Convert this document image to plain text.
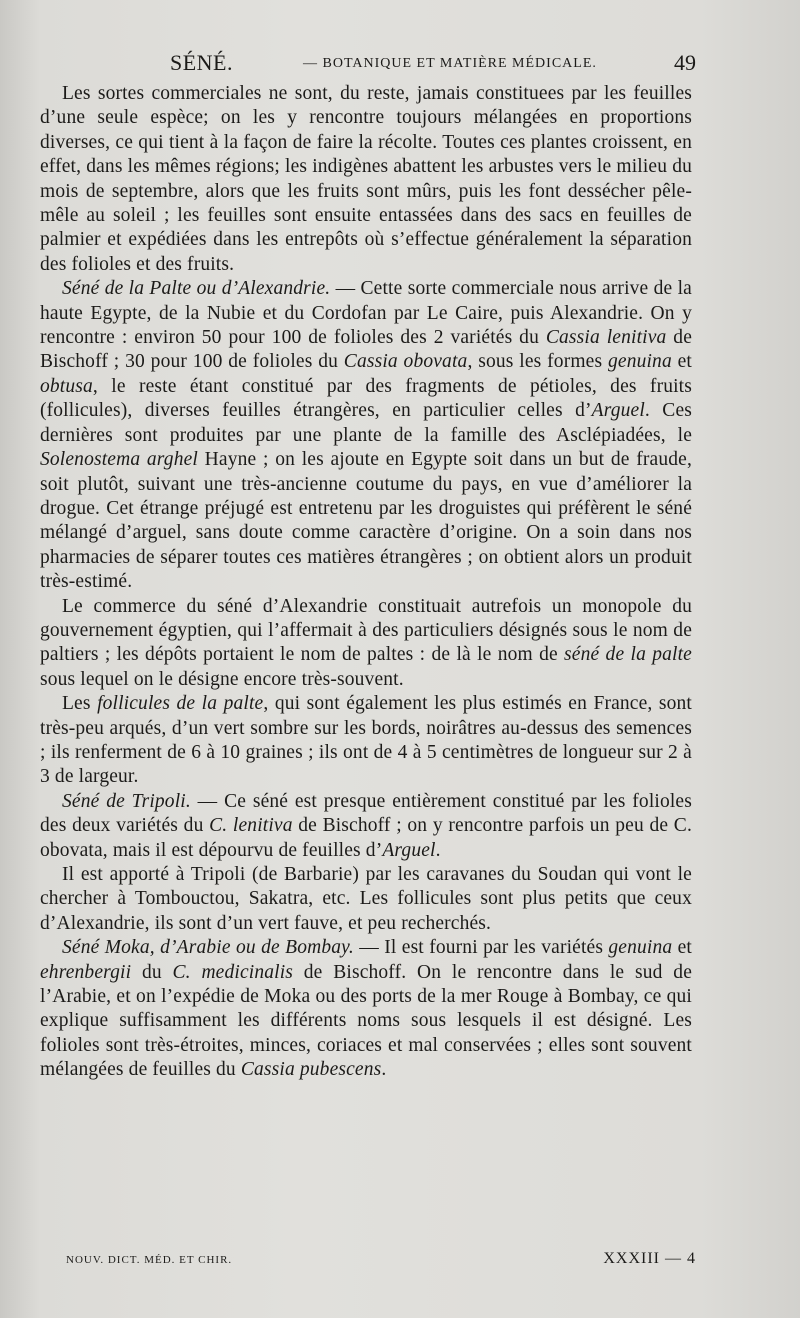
SÉNÉ.	— BOTANIQUE ET MATIÈRE MÉDICALE.	49

Les sortes commerciales ne sont, du reste, jamais constituees par les feuilles d’une seule espèce; on les y rencontre toujours mélangées en proportions diverses, ce qui tient à la façon de faire la récolte. Toutes ces plantes croissent, en effet, dans les mêmes régions; les indigènes abattent les arbustes vers le milieu du mois de septembre, alors que les fruits sont mûrs, puis les font dessécher pêle-mêle au soleil ; les feuilles sont ensuite entassées dans des sacs en feuilles de palmier et expédiées dans les entrepôts où s’effectue généralement la séparation des folioles et des fruits.

Séné de la Palte ou d’Alexandrie. — Cette sorte commerciale nous arrive de la haute Egypte, de la Nubie et du Cordofan par Le Caire, puis Alexandrie. On y rencontre : environ 50 pour 100 de folioles des 2 variétés du Cassia lenitiva de Bischoff ; 30 pour 100 de folioles du Cassia obovata, sous les formes genuina et obtusa, le reste étant constitué par des fragments de pétioles, des fruits (follicules), diverses feuilles étrangères, en particulier celles d’Arguel. Ces dernières sont produites par une plante de la famille des Asclépiadées, le Solenostema arghel Hayne ; on les ajoute en Egypte soit dans un but de fraude, soit plutôt, suivant une très-ancienne coutume du pays, en vue d’améliorer la drogue. Cet étrange préjugé est entretenu par les droguistes qui préfèrent le séné mélangé d’arguel, sans doute comme caractère d’origine. On a soin dans nos pharmacies de séparer toutes ces matières étrangères ; on obtient alors un produit très-estimé.

Le commerce du séné d’Alexandrie constituait autrefois un monopole du gouvernement égyptien, qui l’affermait à des particuliers désignés sous le nom de paltiers ; les dépôts portaient le nom de paltes : de là le nom de séné de la palte sous lequel on le désigne encore très-souvent.

Les follicules de la palte, qui sont également les plus estimés en France, sont très-peu arqués, d’un vert sombre sur les bords, noirâtres au-dessus des semences ; ils renferment de 6 à 10 graines ; ils ont de 4 à 5 centimètres de longueur sur 2 à 3 de largeur.

Séné de Tripoli. — Ce séné est presque entièrement constitué par les folioles des deux variétés du C. lenitiva de Bischoff ; on y rencontre parfois un peu de C. obovata, mais il est dépourvu de feuilles d’Arguel.

Il est apporté à Tripoli (de Barbarie) par les caravanes du Soudan qui vont le chercher à Tombouctou, Sakatra, etc. Les follicules sont plus petits que ceux d’Alexandrie, ils sont d’un vert fauve, et peu recherchés.

Séné Moka, d’Arabie ou de Bombay. — Il est fourni par les variétés genuina et ehrenbergii du C. medicinalis de Bischoff. On le rencontre dans le sud de l’Arabie, et on l’expédie de Moka ou des ports de la mer Rouge à Bombay, ce qui explique suffisamment les différents noms sous lesquels il est désigné. Les folioles sont très-étroites, minces, coriaces et mal conservées ; elles sont souvent mélangées de feuilles du Cassia pubescens.

NOUV. DICT. MÉD. ET CHIR.	XXXIII — 4
